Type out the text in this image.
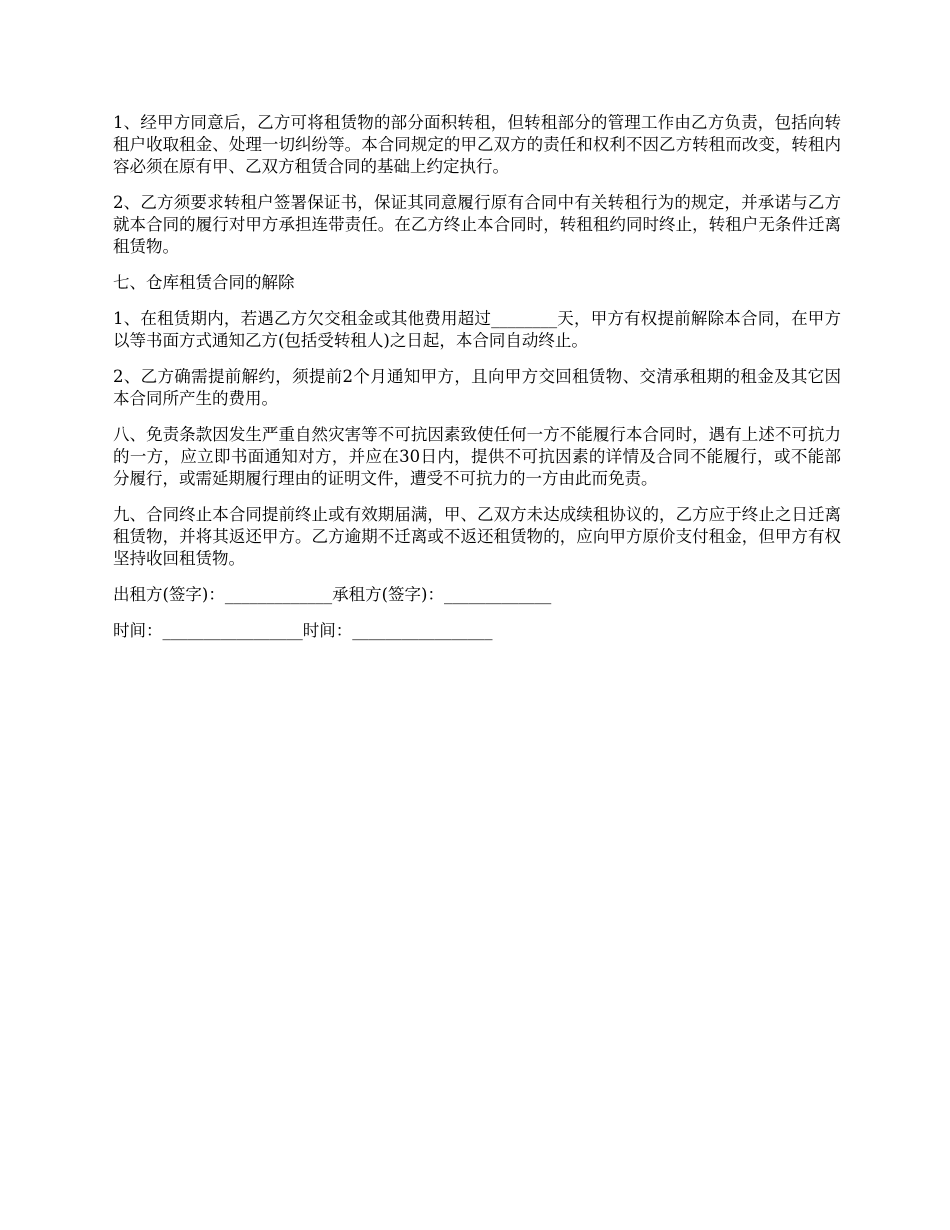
1、经甲方同意后，乙方可将租赁物的部分面积转租，但转租部分的管理工作由乙方负责，包括向转租户收取租金、处理一切纠纷等。本合同规定的甲乙双方的责任和权利不因乙方转租而改变，转租内容必须在原有甲、乙双方租赁合同的基础上约定执行。

2、乙方须要求转租户签署保证书，保证其同意履行原有合同中有关转租行为的规定，并承诺与乙方就本合同的履行对甲方承担连带责任。在乙方终止本合同时，转租租约同时终止，转租户无条件迁离租赁物。

七、仓库租赁合同的解除

1、在租赁期内，若遇乙方欠交租金或其他费用超过________天，甲方有权提前解除本合同，在甲方以等书面方式通知乙方(包括受转租人)之日起，本合同自动终止。

2、乙方确需提前解约，须提前2个月通知甲方，且向甲方交回租赁物、交清承租期的租金及其它因本合同所产生的费用。

八、免责条款因发生严重自然灾害等不可抗因素致使任何一方不能履行本合同时，遇有上述不可抗力的一方，应立即书面通知对方，并应在30日内，提供不可抗因素的详情及合同不能履行，或不能部分履行，或需延期履行理由的证明文件，遭受不可抗力的一方由此而免责。

九、合同终止本合同提前终止或有效期届满，甲、乙双方未达成续租协议的，乙方应于终止之日迁离租赁物，并将其返还甲方。乙方逾期不迁离或不返还租赁物的，应向甲方原价支付租金，但甲方有权坚持收回租赁物。

出租方(签字)：_____________承租方(签字)：_____________

时间：_________________时间：_________________
